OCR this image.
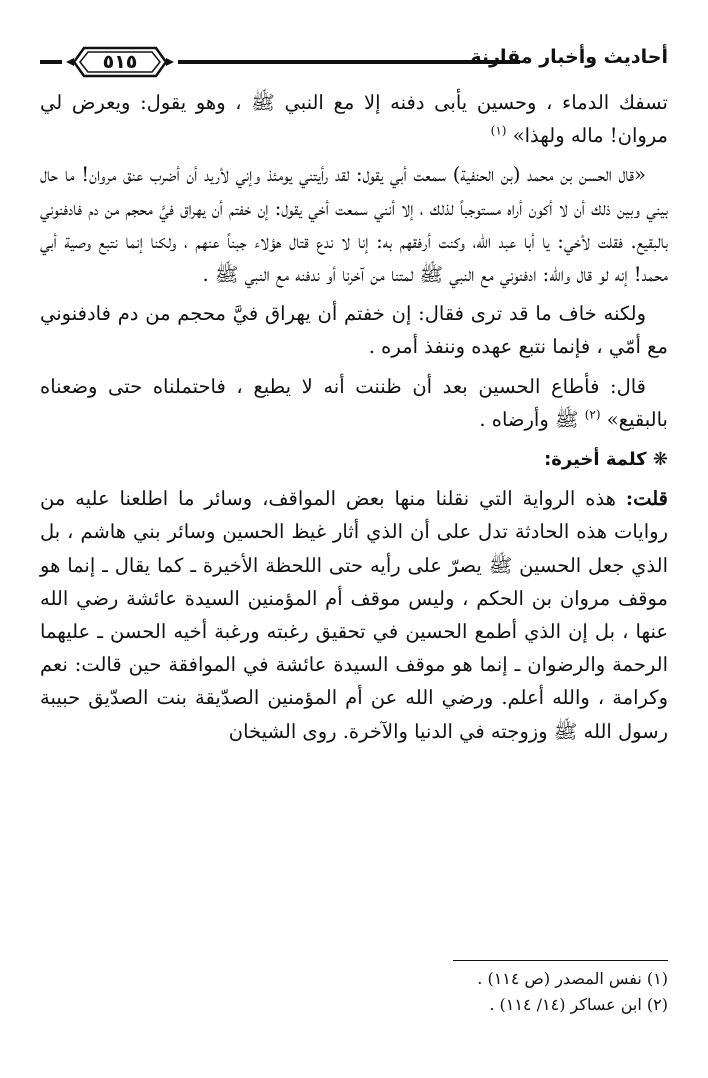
٥١٥	أحاديث وأخبار مقارنة

تسفك الدماء ، وحسين يأبى دفنه إلا مع النبي ﷺ ، وهو يقول: ويعرض لي مروان! ماله ولهذا» $^{(١)}$

«قال الحسن بن محمد (بن الحنفية) سمعت أبي يقول: لقد رأيتني يومئذ وإني لأريد أن أضرب عنق مروان! ما حال بيني وبين ذلك أن لا أكون أراه مستوجباً لذلك ، إلا أنني سمعت أخي يقول: إن خفتم أن يهراق فيَّ محجم من دم فادفنوني بالبقيع. فقلت لأخي: يا أبا عبد الله، وكنت أرفقهم به: إنا لا ندع قتال هؤلاء جبناً عنهم ، ولكنا إنما نتبع وصية أبي محمد! إنه لو قال والله: ادفنوني مع النبي ﷺ لمتنا من آخرنا أو ندفنه مع النبي ﷺ .

ولكنه خاف ما قد ترى فقال: إن خفتم أن يهراق فيَّ محجم من دم فادفنوني مع أمّي ، فإنما نتبع عهده وننفذ أمره .

قال: فأطاع الحسين بعد أن ظننت أنه لا يطيع ، فاحتملناه حتى وضعناه بالبقيع» $^{(٢)}$ ﷺ وأرضاه .

❋ كلمة أخيرة:

قلت: هذه الرواية التي نقلنا منها بعض المواقف، وسائر ما اطلعنا عليه من روايات هذه الحادثة تدل على أن الذي أثار غيظ الحسين وسائر بني هاشم ، بل الذي جعل الحسين ﷺ يصرّ على رأيه حتى اللحظة الأخيرة ـ كما يقال ـ إنما هو موقف مروان بن الحكم ، وليس موقف أم المؤمنين السيدة عائشة رضي الله عنها ، بل إن الذي أطمع الحسين في تحقيق رغبته ورغبة أخيه الحسن ـ عليهما الرحمة والرضوان ـ إنما هو موقف السيدة عائشة في الموافقة حين قالت: نعم وكرامة ، والله أعلم. ورضي الله عن أم المؤمنين الصدّيقة بنت الصدّيق حبيبة رسول الله ﷺ وزوجته في الدنيا والآخرة. روى الشيخان

(١) نفس المصدر (ص ١١٤) .
(٢) ابن عساكر (١٤/ ١١٤) .
